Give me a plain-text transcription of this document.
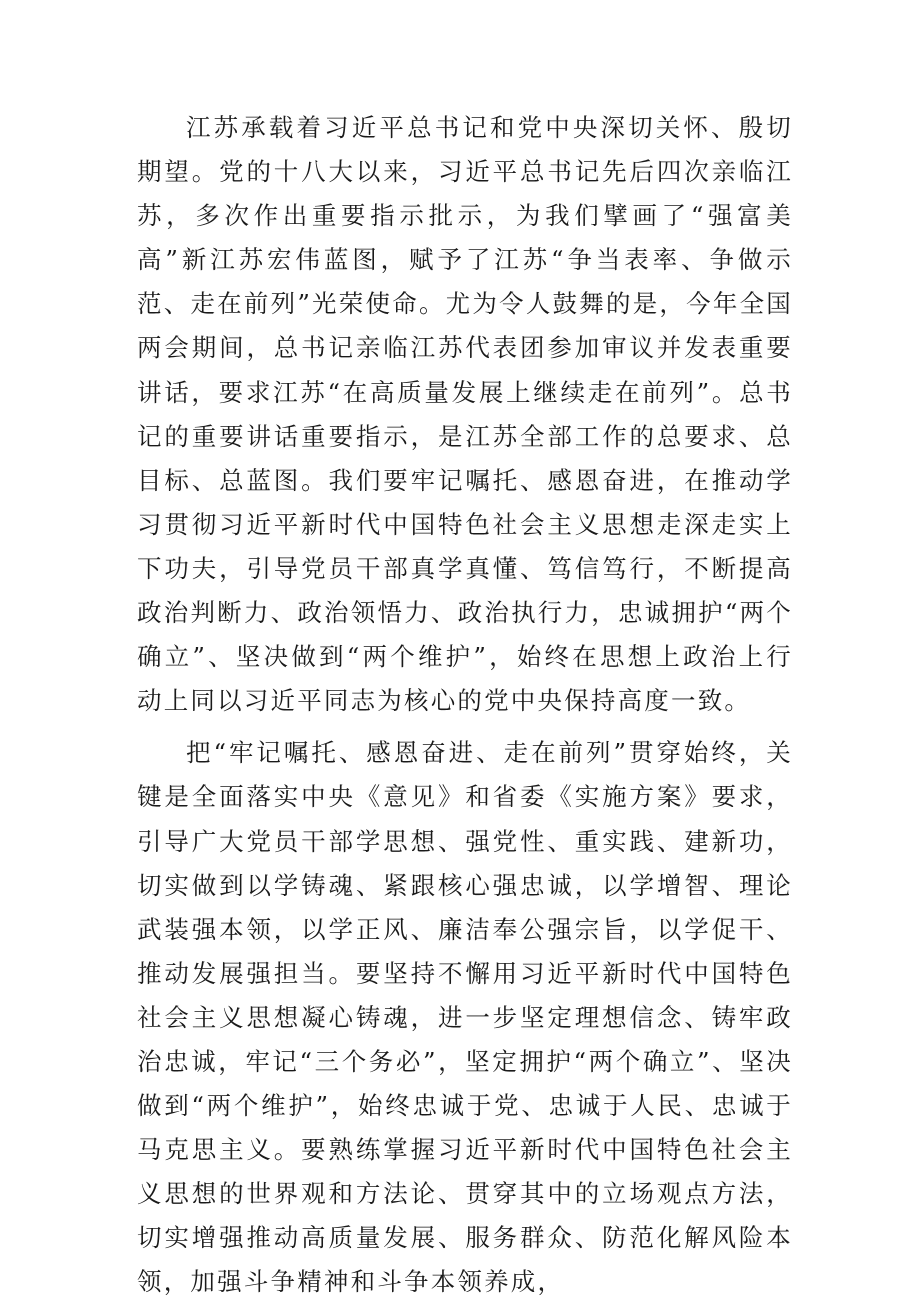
江苏承载着习近平总书记和党中央深切关怀、殷切期望。党的十八大以来，习近平总书记先后四次亲临江苏，多次作出重要指示批示，为我们擘画了“强富美高”新江苏宏伟蓝图，赋予了江苏“争当表率、争做示范、走在前列”光荣使命。尤为令人鼓舞的是，今年全国两会期间，总书记亲临江苏代表团参加审议并发表重要讲话，要求江苏“在高质量发展上继续走在前列”。总书记的重要讲话重要指示，是江苏全部工作的总要求、总目标、总蓝图。我们要牢记嘱托、感恩奋进，在推动学习贯彻习近平新时代中国特色社会主义思想走深走实上下功夫，引导党员干部真学真懂、笃信笃行，不断提高政治判断力、政治领悟力、政治执行力，忠诚拥护“两个确立”、坚决做到“两个维护”，始终在思想上政治上行动上同以习近平同志为核心的党中央保持高度一致。

把“牢记嘱托、感恩奋进、走在前列”贯穿始终，关键是全面落实中央《意见》和省委《实施方案》要求，引导广大党员干部学思想、强党性、重实践、建新功，切实做到以学铸魂、紧跟核心强忠诚，以学增智、理论武装强本领，以学正风、廉洁奉公强宗旨，以学促干、推动发展强担当。要坚持不懈用习近平新时代中国特色社会主义思想凝心铸魂，进一步坚定理想信念、铸牢政治忠诚，牢记“三个务必”，坚定拥护“两个确立”、坚决做到“两个维护”，始终忠诚于党、忠诚于人民、忠诚于马克思主义。要熟练掌握习近平新时代中国特色社会主义思想的世界观和方法论、贯穿其中的立场观点方法，切实增强推动高质量发展、服务群众、防范化解风险本领，加强斗争精神和斗争本领养成，
